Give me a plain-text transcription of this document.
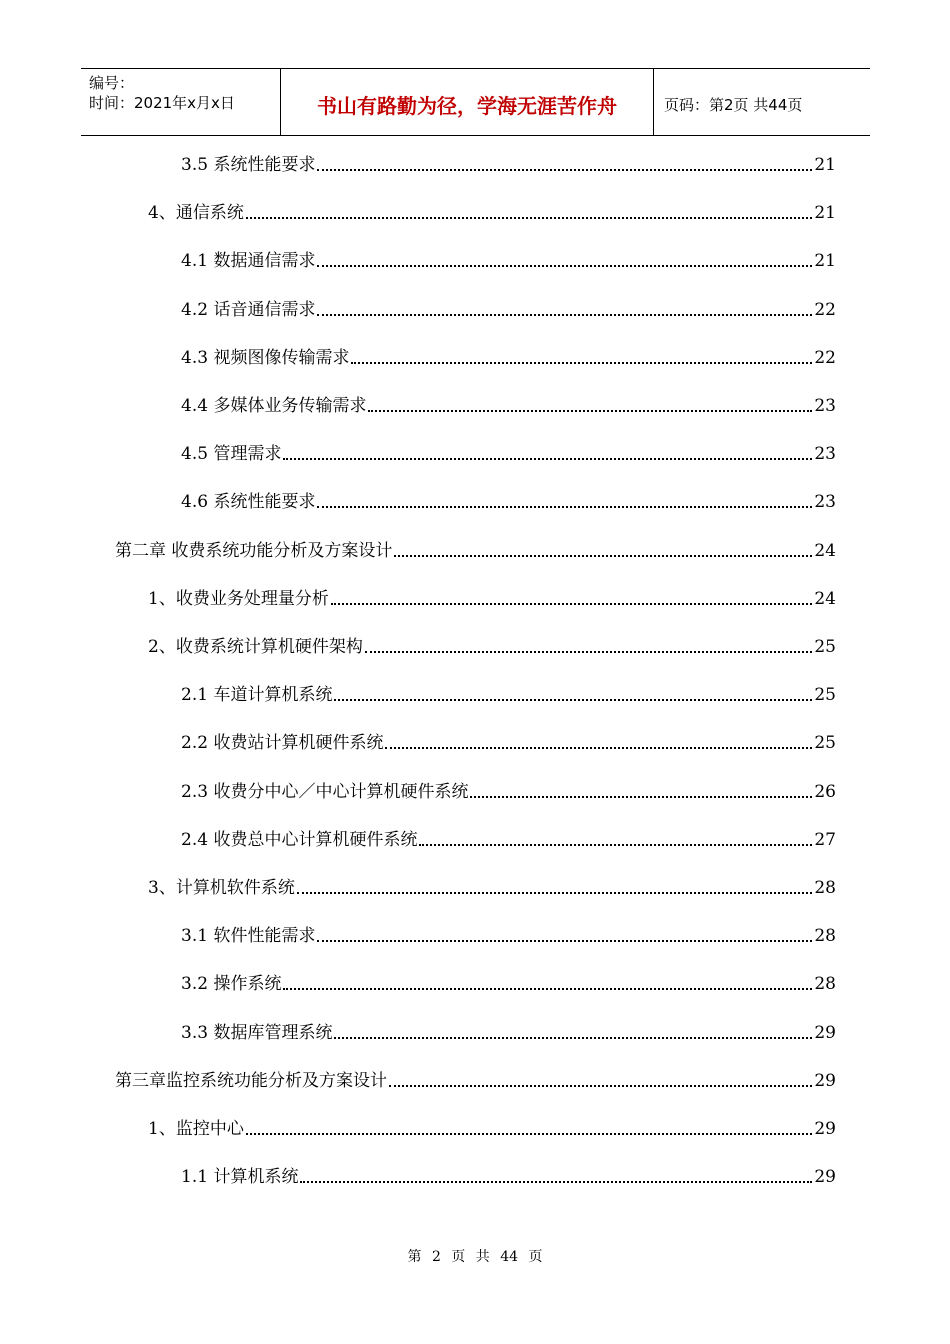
编号：
时间：2021年x月x日	书山有路勤为径，学海无涯苦作舟	页码：第2页 共44页
3.5 系统性能要求	21
4、通信系统	21
4.1 数据通信需求	21
4.2 话音通信需求	22
4.3 视频图像传输需求	22
4.4 多媒体业务传输需求	23
4.5 管理需求	23
4.6 系统性能要求	23
第二章 收费系统功能分析及方案设计	24
1、收费业务处理量分析	24
2、收费系统计算机硬件架构	25
2.1 车道计算机系统	25
2.2 收费站计算机硬件系统	25
2.3 收费分中心／中心计算机硬件系统	26
2.4 收费总中心计算机硬件系统	27
3、计算机软件系统	28
3.1 软件性能需求	28
3.2 操作系统	28
3.3 数据库管理系统	29
第三章监控系统功能分析及方案设计	29
1、监控中心	29
1.1 计算机系统	29
第 2 页 共 44 页
